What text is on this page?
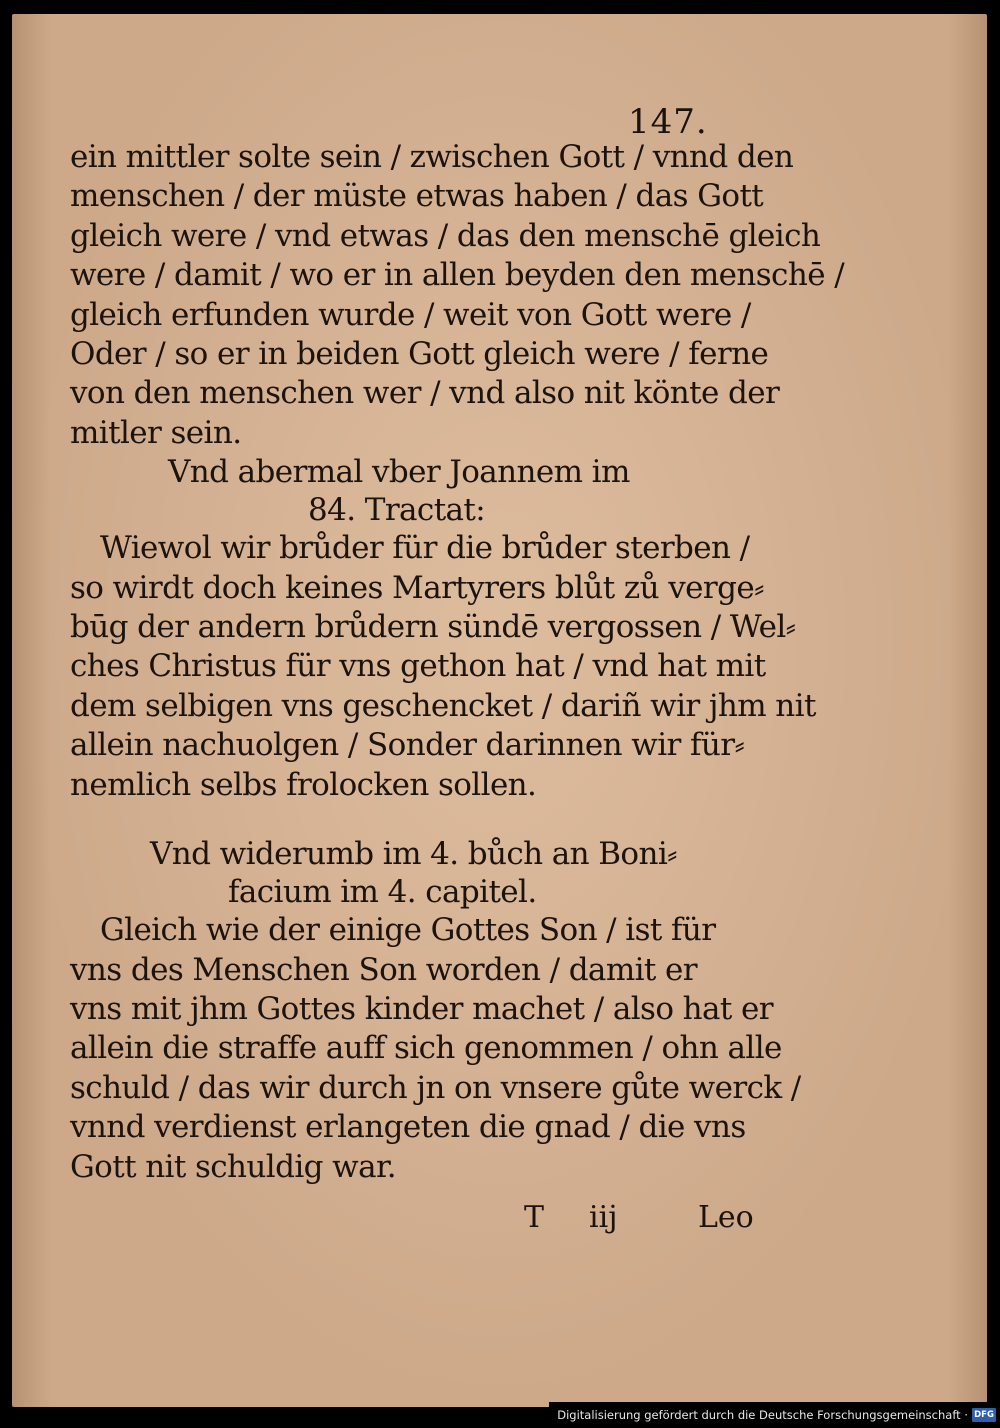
147.
ein mittler solte sein / zwischen Gott / vnnd den
menschen / der müste etwas haben / das Gott
gleich were / vnd etwas / das den menschē gleich
were / damit / wo er in allen beyden den menschē /
gleich erfunden wurde / weit von Gott were /
Oder / so er in beiden Gott gleich were / ferne
von den menschen wer / vnd also nit könte der
mitler sein.
Vnd abermal vber Joannem im
84. Tractat:
Wiewol wir brůder für die brůder sterben /
so wirdt doch keines Martyrers blůt zů verge⸗
būg der andern brůdern sündē vergossen / Wel⸗
ches Christus für vns gethon hat / vnd hat mit
dem selbigen vns geschencket / dariñ wir jhm nit
allein nachuolgen / Sonder darinnen wir für⸗
nemlich selbs frolocken sollen.
Vnd widerumb im 4. bůch an Boni⸗
facium im 4. capitel.
Gleich wie der einige Gottes Son / ist für
vns des Menschen Son worden / damit er
vns mit jhm Gottes kinder machet / also hat er
allein die straffe auff sich genommen / ohn alle
schuld / das wir durch jn on vnsere gůte werck /
vnnd verdienst erlangeten die gnad / die vns
Gott nit schuldig war.
T iij	Leo
Digitalisierung gefördert durch die Deutsche Forschungsgemeinschaft · DFG
